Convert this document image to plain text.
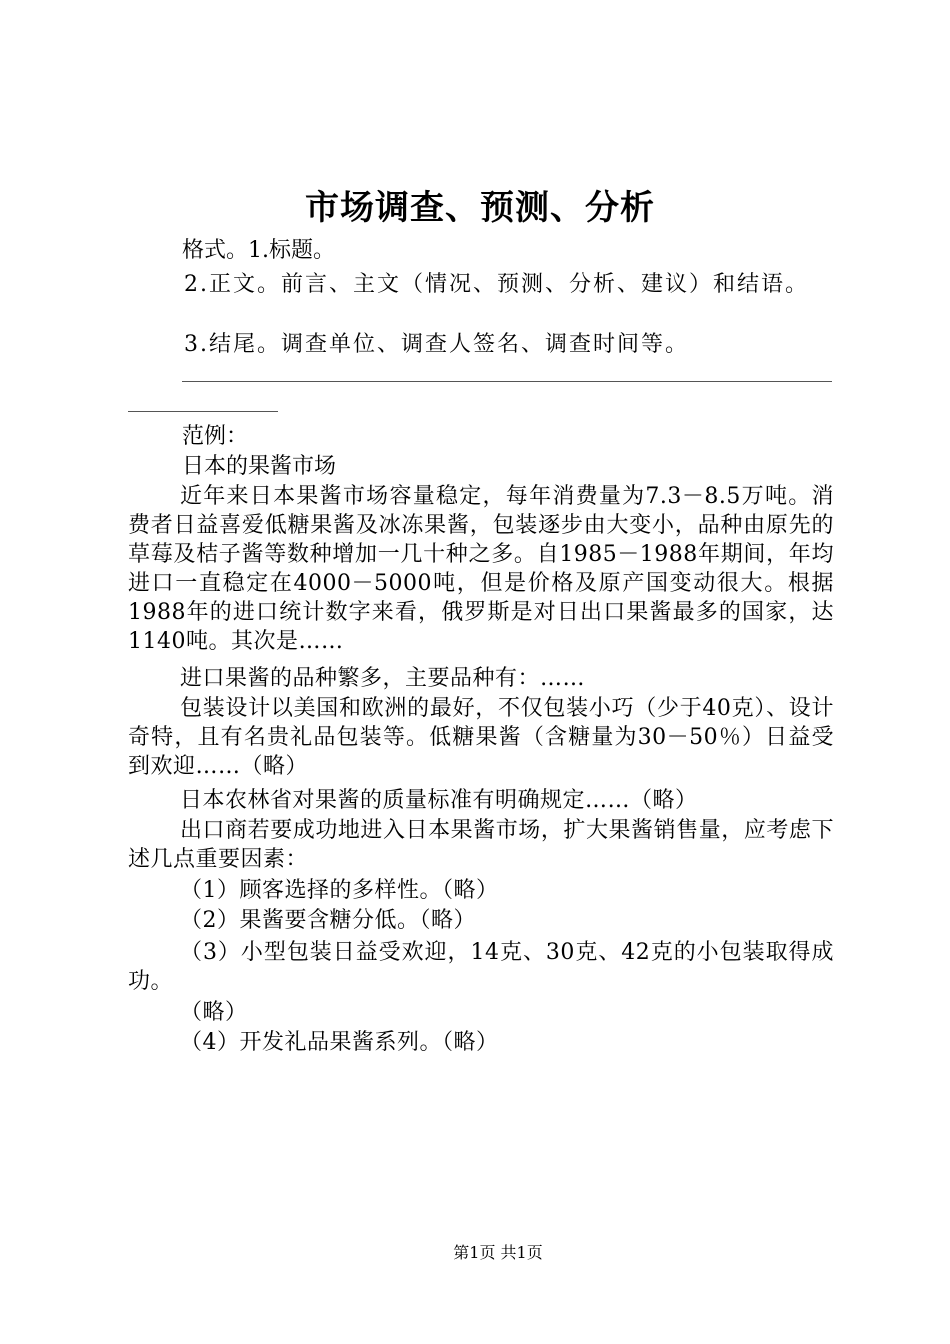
市场调查、预测、分析
格式。1.标题。
2.正文。前言、主文（情况、预测、分析、建议）和结语。
3.结尾。调查单位、调查人签名、调查时间等。
范例：
日本的果酱市场
近年来日本果酱市场容量稳定，每年消费量为7.3－8.5万吨。消费者日益喜爱低糖果酱及冰冻果酱，包装逐步由大变小，品种由原先的草莓及桔子酱等数种增加一几十种之多。自1985－1988年期间，年均进口一直稳定在4000－5000吨，但是价格及原产国变动很大。根据1988年的进口统计数字来看，俄罗斯是对日出口果酱最多的国家，达1140吨。其次是……
进口果酱的品种繁多，主要品种有：……
包装设计以美国和欧洲的最好，不仅包装小巧（少于40克）、设计奇特，且有名贵礼品包装等。低糖果酱（含糖量为30－50％）日益受到欢迎……（略）
日本农林省对果酱的质量标准有明确规定……（略）
出口商若要成功地进入日本果酱市场，扩大果酱销售量，应考虑下述几点重要因素：
（1）顾客选择的多样性。（略）
（2）果酱要含糖分低。（略）
（3）小型包装日益受欢迎，14克、30克、42克的小包装取得成功。
（略）
（4）开发礼品果酱系列。（略）
第1页 共1页
